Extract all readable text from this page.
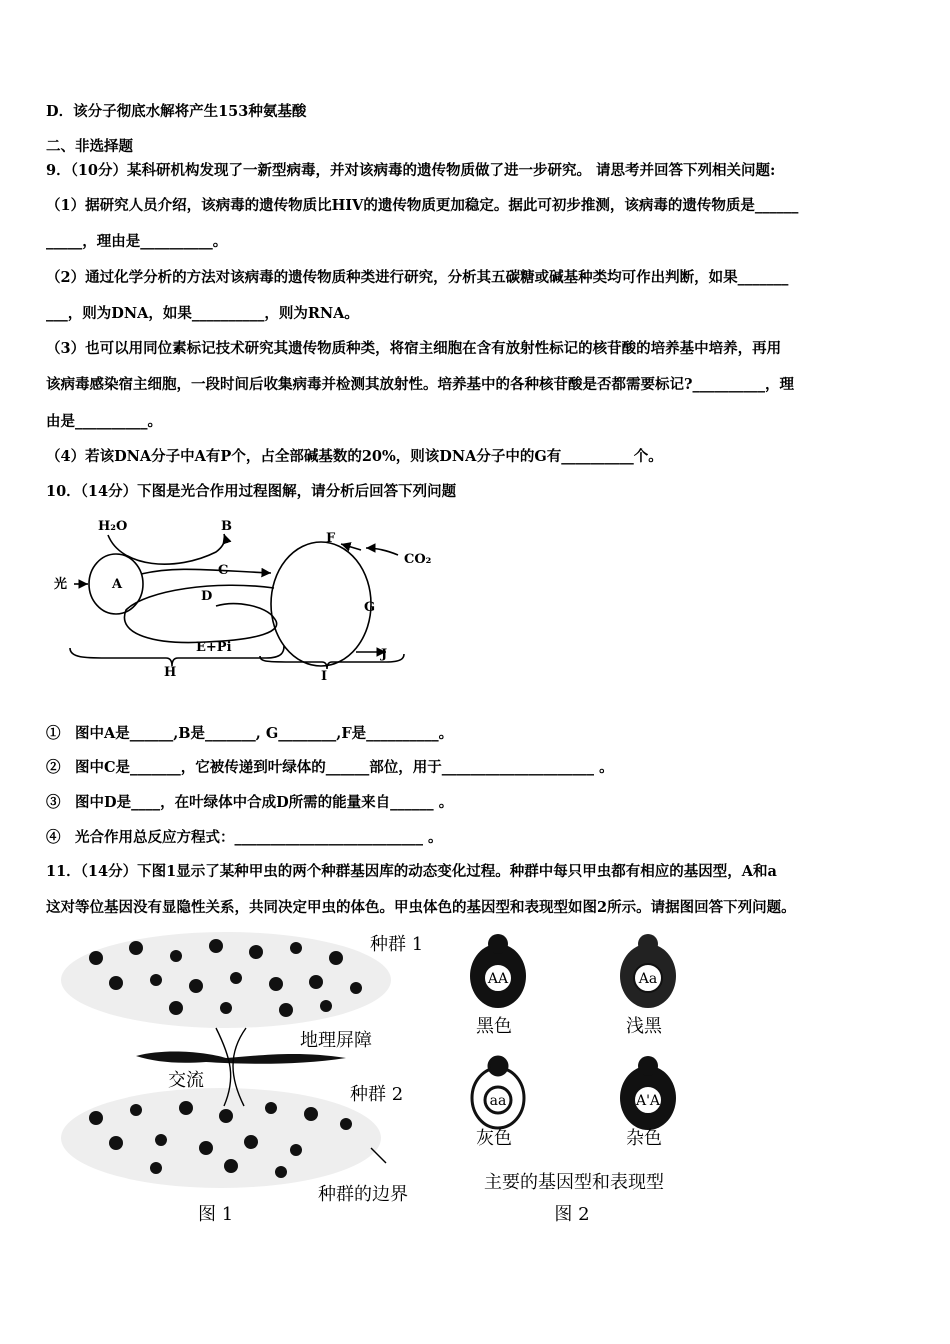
D．该分子彻底水解将产生153种氨基酸
二、非选择题
9．（10分）某科研机构发现了一新型病毒，并对该病毒的遗传物质做了进一步研究。 请思考并回答下列相关问题:
（1）据研究人员介绍，该病毒的遗传物质比HIV的遗传物质更加稳定。据此可初步推测，该病毒的遗传物质是______
_____，理由是__________。
（2）通过化学分析的方法对该病毒的遗传物质种类进行研究，分析其五碳糖或碱基种类均可作出判断，如果_______
___，则为DNA，如果__________，则为RNA。
（3）也可以用同位素标记技术研究其遗传物质种类，将宿主细胞在含有放射性标记的核苷酸的培养基中培养，再用
该病毒感染宿主细胞，一段时间后收集病毒并检测其放射性。培养基中的各种核苷酸是否都需要标记?__________，理
由是__________。
（4）若该DNA分子中A有P个，占全部碱基数的20%，则该DNA分子中的G有__________个。
10．（14分）下图是光合作用过程图解，请分析后回答下列问题
H₂O	B
光	A
C
D
E+Pi
H
F
CO₂
G
J
I
①　图中A是______,B是_______, G________,F是__________。
②　图中C是_______，它被传递到叶绿体的______部位，用于_____________________ 。
③　图中D是____，在叶绿体中合成D所需的能量来自______ 。
④　光合作用总反应方程式：__________________________ 。
11．（14分）下图1显示了某种甲虫的两个种群基因库的动态变化过程。种群中每只甲虫都有相应的基因型，A和a
这对等位基因没有显隐性关系，共同决定甲虫的体色。甲虫体色的基因型和表现型如图2所示。请据图回答下列问题。
种群 1
地理屏障
交流
种群 2
种群的边界
图 1
AA	Aa
aa	A'A
黑色	浅黑
灰色	杂色
主要的基因型和表现型
图 2
